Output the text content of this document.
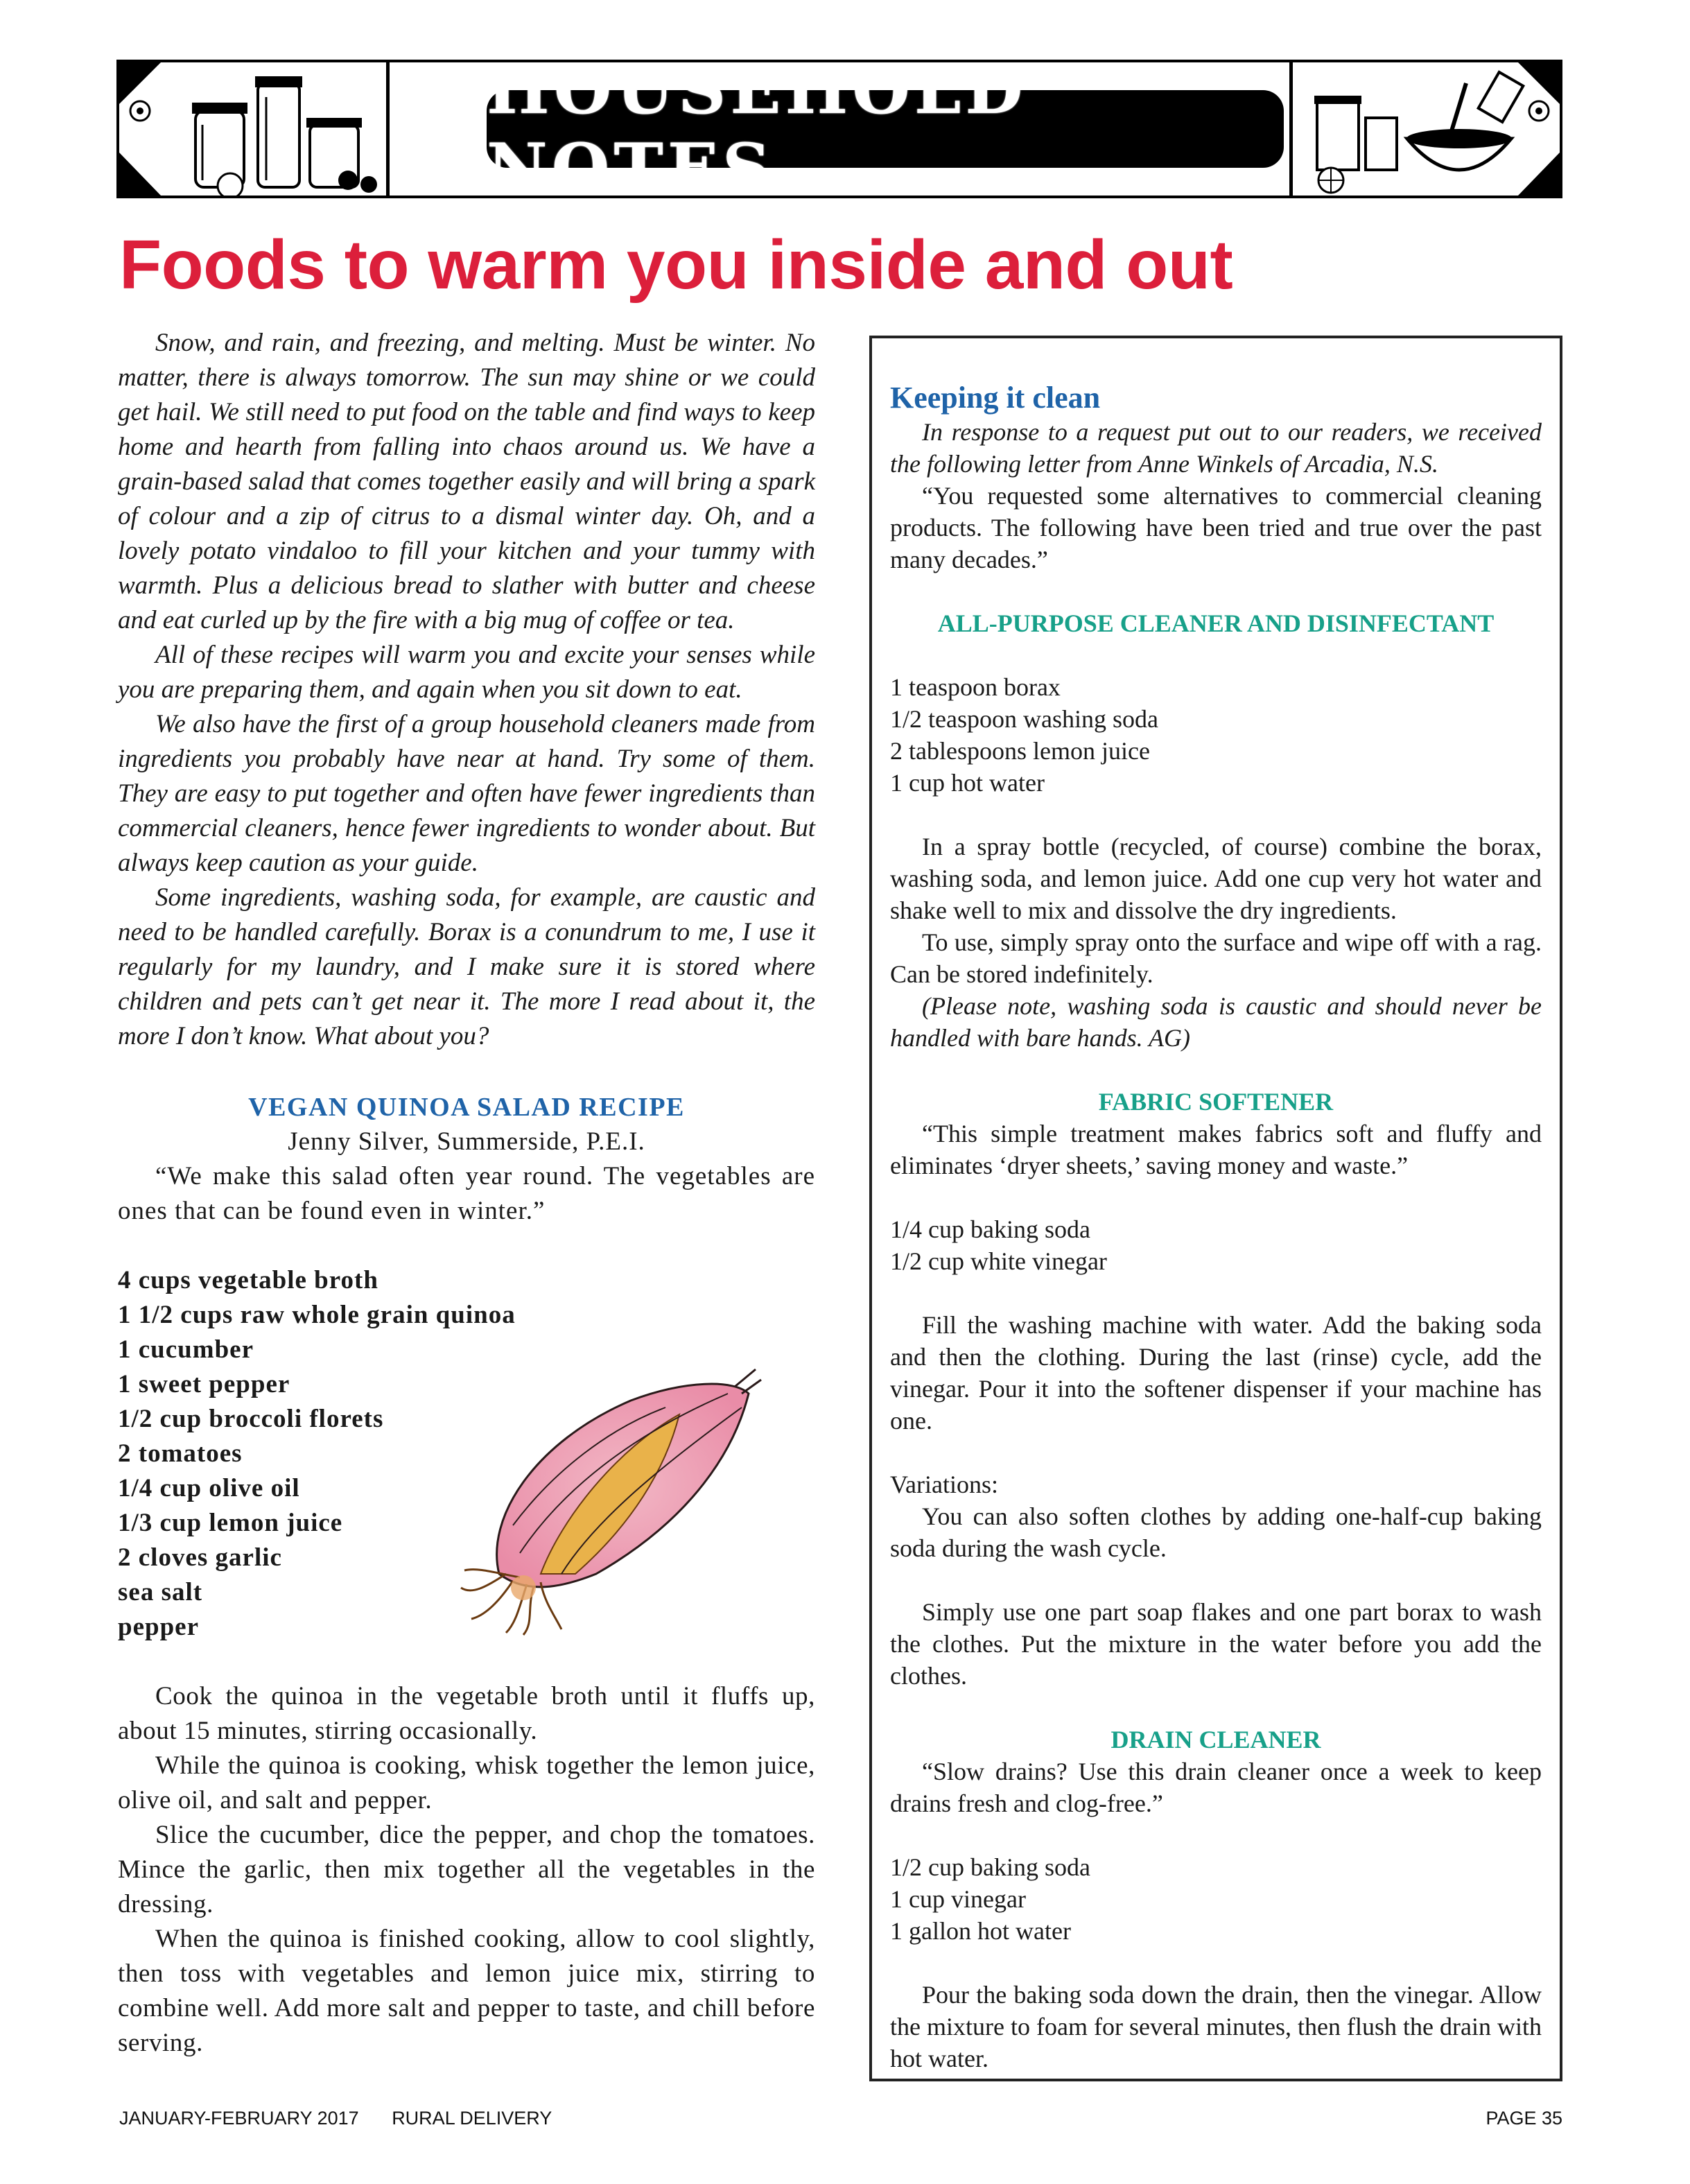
HOUSEHOLD NOTES
Foods to warm you inside and out

Snow, and rain, and freezing, and melting. Must be winter. No matter, there is always tomorrow. The sun may shine or we could get hail. We still need to put food on the table and find ways to keep home and hearth from falling into chaos around us. We have a grain-based salad that comes together easily and will bring a spark of colour and a zip of citrus to a dismal winter day. Oh, and a lovely potato vindaloo to fill your kitchen and your tummy with warmth. Plus a delicious bread to slather with butter and cheese and eat curled up by the fire with a big mug of coffee or tea.

All of these recipes will warm you and excite your senses while you are preparing them, and again when you sit down to eat.

We also have the first of a group household cleaners made from ingredients you probably have near at hand. Try some of them. They are easy to put together and often have fewer ingredients than commercial cleaners, hence fewer ingredients to wonder about. But always keep caution as your guide.

Some ingredients, washing soda, for example, are caustic and need to be handled carefully. Borax is a conundrum to me, I use it regularly for my laundry, and I make sure it is stored where children and pets can’t get near it. The more I read about it, the more I don’t know. What about you?

VEGAN QUINOA SALAD RECIPE
Jenny Silver, Summerside, P.E.I.

“We make this salad often year round. The vegetables are ones that can be found even in winter.”

4 cups vegetable broth
1 1/2 cups raw whole grain quinoa
1 cucumber
1 sweet pepper
1/2 cup broccoli florets
2 tomatoes
1/4 cup olive oil
1/3 cup lemon juice
2 cloves garlic
sea salt
pepper

Cook the quinoa in the vegetable broth until it fluffs up, about 15 minutes, stirring occasionally.

While the quinoa is cooking, whisk together the lemon juice, olive oil, and salt and pepper.

Slice the cucumber, dice the pepper, and chop the tomatoes. Mince the garlic, then mix together all the vegetables in the dressing.

When the quinoa is finished cooking, allow to cool slightly, then toss with vegetables and lemon juice mix, stirring to combine well. Add more salt and pepper to taste, and chill before serving.

Keeping it clean

In response to a request put out to our readers, we received the following letter from Anne Winkels of Arcadia, N.S.

“You requested some alternatives to commercial cleaning products. The following have been tried and true over the past many decades.”

ALL-PURPOSE CLEANER AND DISINFECTANT
1 teaspoon borax
1/2 teaspoon washing soda
2 tablespoons lemon juice
1 cup hot water

In a spray bottle (recycled, of course) combine the borax, washing soda, and lemon juice. Add one cup very hot water and shake well to mix and dissolve the dry ingredients.

To use, simply spray onto the surface and wipe off with a rag. Can be stored indefinitely.

(Please note, washing soda is caustic and should never be handled with bare hands. AG)

FABRIC SOFTENER

“This simple treatment makes fabrics soft and fluffy and eliminates ‘dryer sheets,’ saving money and waste.”

1/4 cup baking soda
1/2 cup white vinegar

Fill the washing machine with water. Add the baking soda and then the clothing. During the last (rinse) cycle, add the vinegar. Pour it into the softener dispenser if your machine has one.

Variations:

You can also soften clothes by adding one-half-cup baking soda during the wash cycle.

Simply use one part soap flakes and one part borax to wash the clothes. Put the mixture in the water before you add the clothes.

DRAIN CLEANER

“Slow drains? Use this drain cleaner once a week to keep drains fresh and clog-free.”

1/2 cup baking soda
1 cup vinegar
1 gallon hot water

Pour the baking soda down the drain, then the vinegar. Allow the mixture to foam for several minutes, then flush the drain with hot water.

JANUARY-FEBRUARY 2017 RURAL DELIVERY	PAGE 35
